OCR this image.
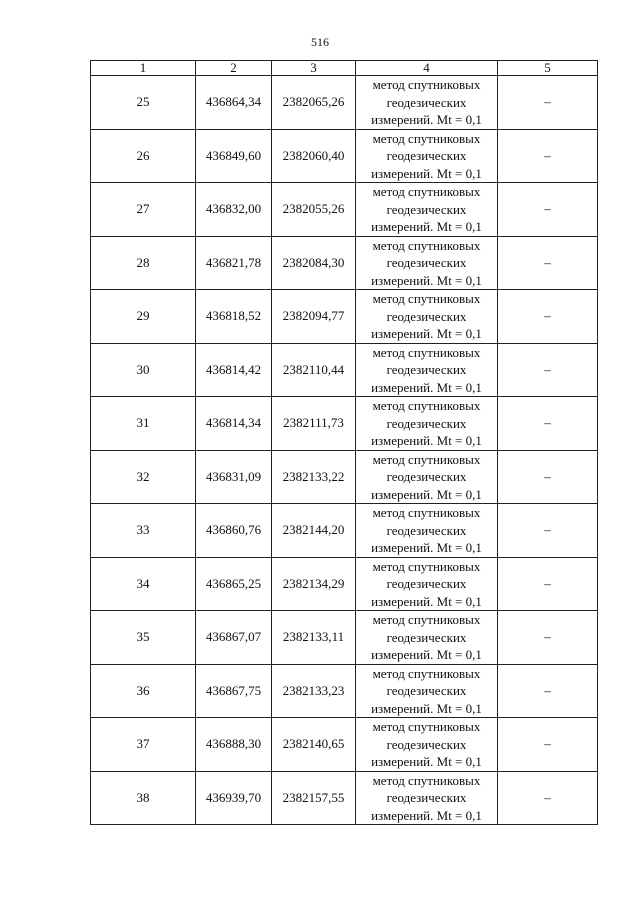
516
1	2	3	4	5
25	436864,34	2382065,26	метод спутниковых
геодезических
измерений. Mt = 0,1	–
26	436849,60	2382060,40	метод спутниковых
геодезических
измерений. Mt = 0,1	–
27	436832,00	2382055,26	метод спутниковых
геодезических
измерений. Mt = 0,1	–
28	436821,78	2382084,30	метод спутниковых
геодезических
измерений. Mt = 0,1	–
29	436818,52	2382094,77	метод спутниковых
геодезических
измерений. Mt = 0,1	–
30	436814,42	2382110,44	метод спутниковых
геодезических
измерений. Mt = 0,1	–
31	436814,34	2382111,73	метод спутниковых
геодезических
измерений. Mt = 0,1	–
32	436831,09	2382133,22	метод спутниковых
геодезических
измерений. Mt = 0,1	–
33	436860,76	2382144,20	метод спутниковых
геодезических
измерений. Mt = 0,1	–
34	436865,25	2382134,29	метод спутниковых
геодезических
измерений. Mt = 0,1	–
35	436867,07	2382133,11	метод спутниковых
геодезических
измерений. Mt = 0,1	–
36	436867,75	2382133,23	метод спутниковых
геодезических
измерений. Mt = 0,1	–
37	436888,30	2382140,65	метод спутниковых
геодезических
измерений. Mt = 0,1	–
38	436939,70	2382157,55	метод спутниковых
геодезических
измерений. Mt = 0,1	–
